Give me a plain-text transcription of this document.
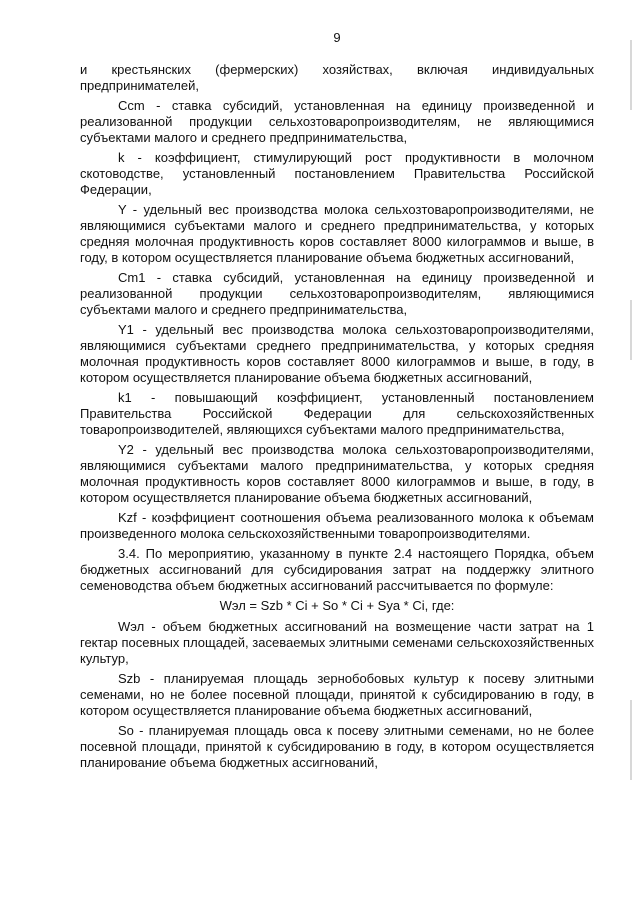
9

и крестьянских (фермерских) хозяйствах, включая индивидуальных предпринимателей,

Ссm - ставка субсидий, установленная на единицу произведенной и реализованной продукции сельхозтоваропроизводителям, не являющимися субъектами малого и среднего предпринимательства,

k - коэффициент, стимулирующий рост продуктивности в молочном скотоводстве, установленный постановлением Правительства Российской Федерации,

Y - удельный вес производства молока сельхозтоваропроизводителями, не являющимися субъектами малого и среднего предпринимательства, у которых средняя молочная продуктивность коров составляет 8000 килограммов и выше, в году, в котором осуществляется планирование объема бюджетных ассигнований,

Cm1 - ставка субсидий, установленная на единицу произведенной и реализованной продукции сельхозтоваропроизводителям, являющимися субъектами малого и среднего предпринимательства,

Y1 - удельный вес производства молока сельхозтоваропроизводителями, являющимися субъектами среднего предпринимательства, у которых средняя молочная продуктивность коров составляет 8000 килограммов и выше, в году, в котором осуществляется планирование объема бюджетных ассигнований,

k1 - повышающий коэффициент, установленный постановлением Правительства Российской Федерации для сельскохозяйственных товаропроизводителей, являющихся субъектами малого предпринимательства,

Y2 - удельный вес производства молока сельхозтоваропроизводителями, являющимися субъектами малого предпринимательства, у которых средняя молочная продуктивность коров составляет 8000 килограммов и выше, в году, в котором осуществляется планирование объема бюджетных ассигнований,

Kzf - коэффициент соотношения объема реализованного молока к объемам произведенного молока сельскохозяйственными товаропроизводителями.

3.4. По мероприятию, указанному в пункте 2.4 настоящего Порядка, объем бюджетных ассигнований для субсидирования затрат на поддержку элитного семеноводства объем бюджетных ассигнований рассчитывается по формуле:

Wэл = Szb * Ci + So * Ci + Sya * Ci, где:

Wэл - объем бюджетных ассигнований на возмещение части затрат на 1 гектар посевных площадей, засеваемых элитными семенами сельскохозяйственных культур,

Szb - планируемая площадь зернобобовых культур к посеву элитными семенами, но не более посевной площади, принятой к субсидированию в году, в котором осуществляется планирование объема бюджетных ассигнований,

So - планируемая площадь овса к посеву элитными семенами, но не более посевной площади, принятой к субсидированию в году, в котором осуществляется планирование объема бюджетных ассигнований,
